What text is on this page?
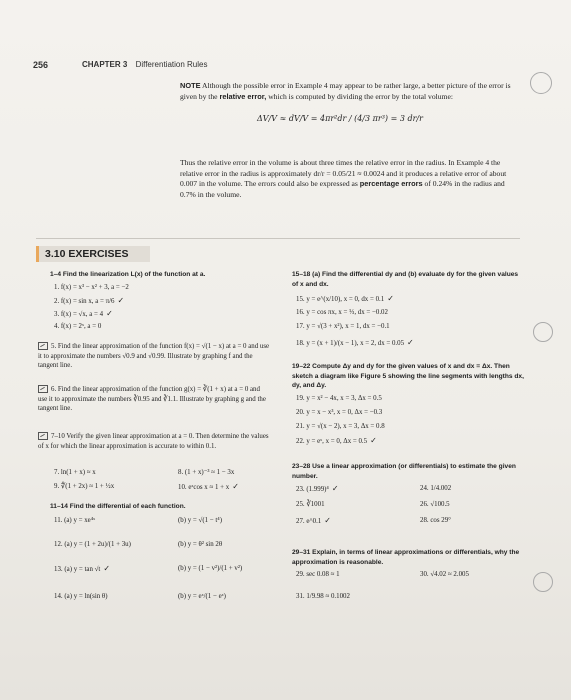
256	CHAPTER 3 Differentiation Rules
NOTE Although the possible error in Example 4 may appear to be rather large, a better picture of the error is given by the relative error, which is computed by dividing the error by the total volume:
ΔV/V ≈ dV/V = 4πr²dr / (4/3 πr³) = 3 dr/r
Thus the relative error in the volume is about three times the relative error in the radius. In Example 4 the relative error in the radius is approximately dr/r = 0.05/21 ≈ 0.0024 and it produces a relative error of about 0.007 in the volume. The errors could also be expressed as percentage errors of 0.24% in the radius and 0.7% in the volume.
3.10 EXERCISES
1–4 Find the linearization L(x) of the function at a.
1. f(x) = x³ − x² + 3, a = −2
2. f(x) = sin x, a = π/6 ✓
3. f(x) = √x, a = 4 ✓
4. f(x) = 2ˣ, a = 0
5. Find the linear approximation of the function f(x) = √(1 − x) at a = 0 and use it to approximate the numbers √0.9 and √0.99. Illustrate by graphing f and the tangent line.
6. Find the linear approximation of the function g(x) = ∛(1 + x) at a = 0 and use it to approximate the numbers ∛0.95 and ∛1.1. Illustrate by graphing g and the tangent line.
7–10 Verify the given linear approximation at a = 0. Then determine the values of x for which the linear approximation is accurate to within 0.1.
7. ln(1 + x) ≈ x	8. (1 + x)⁻³ ≈ 1 − 3x
9. ∜(1 + 2x) ≈ 1 + ½x	10. eˣcos x ≈ 1 + x ✓
11–14 Find the differential of each function.
11. (a) y = xe⁴ˣ	(b) y = √(1 − t⁴)
12. (a) y = (1 + 2u)/(1 + 3u)	(b) y = θ² sin 2θ
13. (a) y = tan √t ✓	(b) y = (1 − v²)/(1 + v²)
14. (a) y = ln(sin θ)	(b) y = eˣ/(1 − eˣ)
15–18 (a) Find the differential dy and (b) evaluate dy for the given values of x and dx.
15. y = e^(x/10), x = 0, dx = 0.1 ✓
16. y = cos πx, x = ⅓, dx = −0.02
17. y = √(3 + x²), x = 1, dx = −0.1
18. y = (x + 1)/(x − 1), x = 2, dx = 0.05 ✓
19–22 Compute Δy and dy for the given values of x and dx = Δx. Then sketch a diagram like Figure 5 showing the line segments with lengths dx, dy, and Δy.
19. y = x² − 4x, x = 3, Δx = 0.5
20. y = x − x³, x = 0, Δx = −0.3
21. y = √(x − 2), x = 3, Δx = 0.8
22. y = eˣ, x = 0, Δx = 0.5 ✓
23–28 Use a linear approximation (or differentials) to estimate the given number.
23. (1.999)⁴ ✓	24. 1/4.002
25. ∛1001	26. √100.5
27. e^0.1 ✓	28. cos 29°
29–31 Explain, in terms of linear approximations or differentials, why the approximation is reasonable.
29. sec 0.08 ≈ 1	30. √4.02 ≈ 2.005
31. 1/9.98 ≈ 0.1002
